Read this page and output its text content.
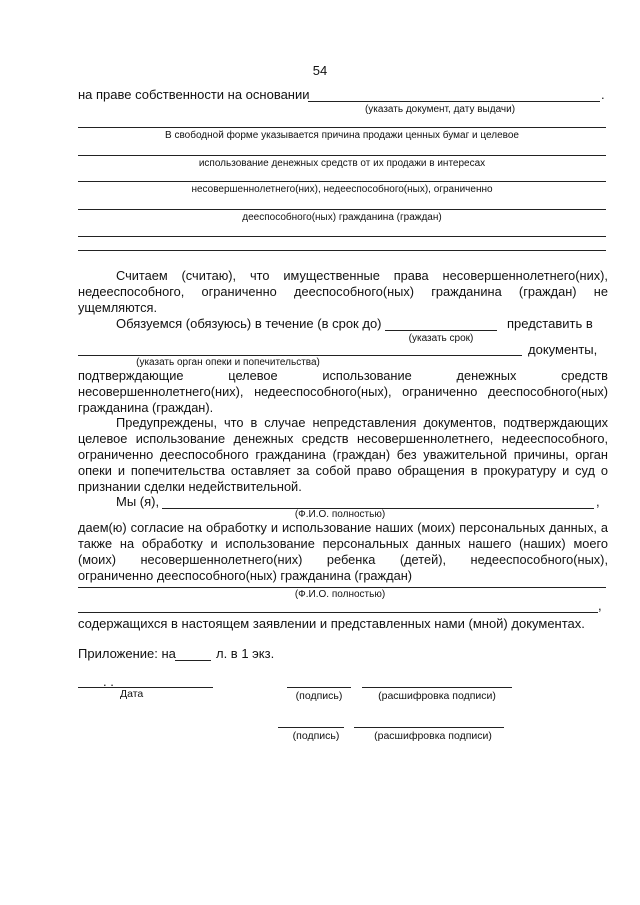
54
на праве собственности на основании	.
(указать документ, дату выдачи)
В свободной форме указывается причина продажи ценных бумаг и целевое
использование денежных средств от их продажи в интересах
несовершеннолетнего(них), недееспособного(ных), ограниченно
дееспособного(ных) гражданина (граждан)
Считаем (считаю), что имущественные права несовершеннолетнего(них),
недееспособного, ограниченно дееспособного(ных) гражданина (граждан) не
ущемляются.
Обязуемся (обязуюсь) в течение (в срок до)	представить в
(указать срок)
документы,
(указать орган опеки и попечительства)
подтверждающие целевое использование денежных средств
несовершеннолетнего(них), недееспособного(ных), ограниченно дееспособного(ных)
гражданина (граждан).
Предупреждены, что в случае непредставления документов, подтверждающих
целевое использование денежных средств несовершеннолетнего, недееспособного,
ограниченно дееспособного гражданина (граждан) без уважительной причины, орган
опеки и попечительства оставляет за собой право обращения в прокуратуру и суд о
признании сделки недействительной.
Мы (я),	,
(Ф.И.О. полностью)
даем(ю) согласие на обработку и использование наших (моих) персональных данных, а
также на обработку и использование персональных данных нашего (наших) моего
(моих) несовершеннолетнего(них) ребенка (детей), недееспособного(ных),
ограниченно дееспособного(ных) гражданина (граждан)
(Ф.И.О. полностью)
,
содержащихся в настоящем заявлении и представленных нами (мной) документах.
Приложение: на	л. в 1 экз.
. .
Дата	(подпись)	(расшифровка подписи)
(подпись)	(расшифровка подписи)
